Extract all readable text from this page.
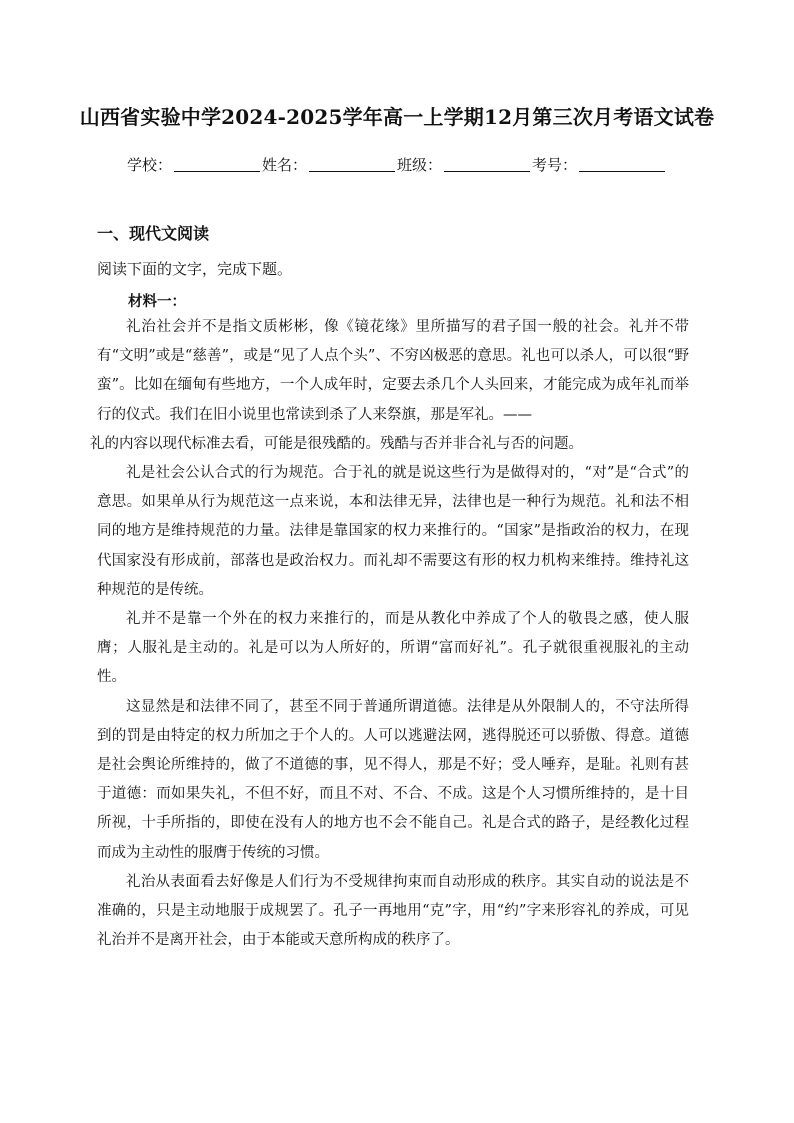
山西省实验中学2024-2025学年高一上学期12月第三次月考语文试卷
学校：	姓名：	班级：	考号：
一、现代文阅读
阅读下面的文字，完成下题。
材料一：

礼治社会并不是指文质彬彬，像《镜花缘》里所描写的君子国一般的社会。礼并不带有“文明”或是“慈善”，或是“见了人点个头”、不穷凶极恶的意思。礼也可以杀人，可以很“野蛮”。比如在缅甸有些地方，一个人成年时，定要去杀几个人头回来，才能完成为成年礼而举行的仪式。我们在旧小说里也常读到杀了人来祭旗，那是军礼。——

礼的内容以现代标准去看，可能是很残酷的。残酷与否并非合礼与否的问题。

礼是社会公认合式的行为规范。合于礼的就是说这些行为是做得对的，“对”是“合式”的意思。如果单从行为规范这一点来说，本和法律无异，法律也是一种行为规范。礼和法不相同的地方是维持规范的力量。法律是靠国家的权力来推行的。“国家”是指政治的权力，在现代国家没有形成前，部落也是政治权力。而礼却不需要这有形的权力机构来维持。维持礼这种规范的是传统。

礼并不是靠一个外在的权力来推行的，而是从教化中养成了个人的敬畏之感，使人服膺；人服礼是主动的。礼是可以为人所好的，所谓“富而好礼”。孔子就很重视服礼的主动性。

这显然是和法律不同了，甚至不同于普通所谓道德。法律是从外限制人的，不守法所得到的罚是由特定的权力所加之于个人的。人可以逃避法网，逃得脱还可以骄傲、得意。道德是社会舆论所维持的，做了不道德的事，见不得人，那是不好；受人唾弃，是耻。礼则有甚于道德：而如果失礼，不但不好，而且不对、不合、不成。这是个人习惯所维持的，是十目所视，十手所指的，即使在没有人的地方也不会不能自己。礼是合式的路子，是经教化过程而成为主动性的服膺于传统的习惯。

礼治从表面看去好像是人们行为不受规律拘束而自动形成的秩序。其实自动的说法是不准确的，只是主动地服于成规罢了。孔子一再地用“克”字，用“约”字来形容礼的养成，可见礼治并不是离开社会，由于本能或天意所构成的秩序了。
